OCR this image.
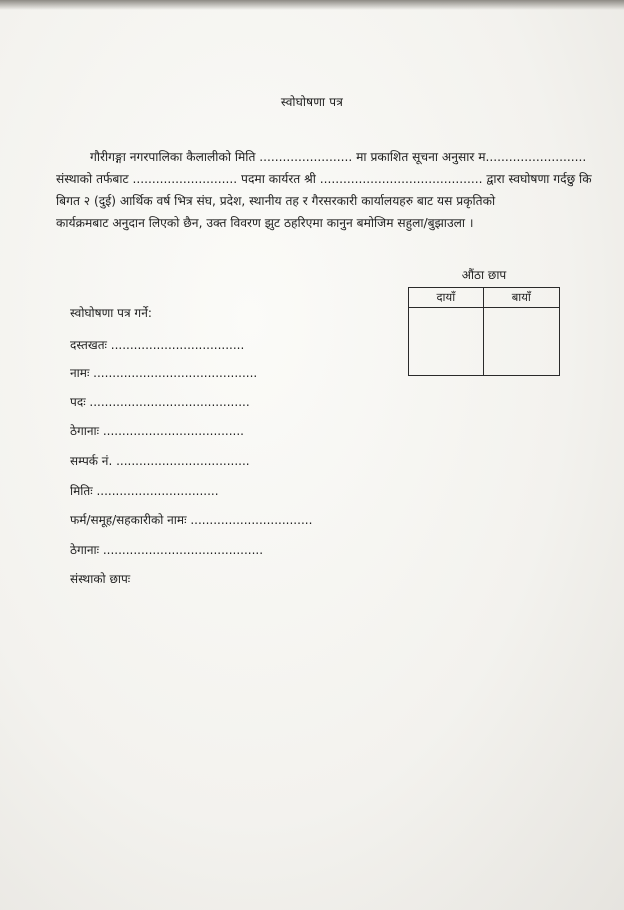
स्वोघोषणा पत्र
गौरीगङ्गा नगरपालिका कैलालीको मिति ........................ मा प्रकाशित सूचना अनुसार म..........................
संस्थाको तर्फबाट ........................... पदमा कार्यरत श्री .......................................... द्वारा स्वघोषणा गर्दछु कि
बिगत २ (दुई) आर्थिक वर्ष भित्र संघ, प्रदेश, स्थानीय तह र गैरसरकारी कार्यालयहरु बाट यस प्रकृतिको
कार्यक्रमबाट अनुदान लिएको छैन, उक्त विवरण झुट ठहरिएमा कानुन बमोजिम सहुला/बुझाउला ।
औंठा छाप
दायाँ	बायाँ

स्वोघोषणा पत्र गर्ने:
दस्तखतः ...................................
नामः ...........................................
पदः ..........................................
ठेगानाः .....................................
सम्पर्क नं. ...................................
मितिः ................................
फर्म/समूह/सहकारीको नामः ................................
ठेगानाः ..........................................
संस्थाको छापः
